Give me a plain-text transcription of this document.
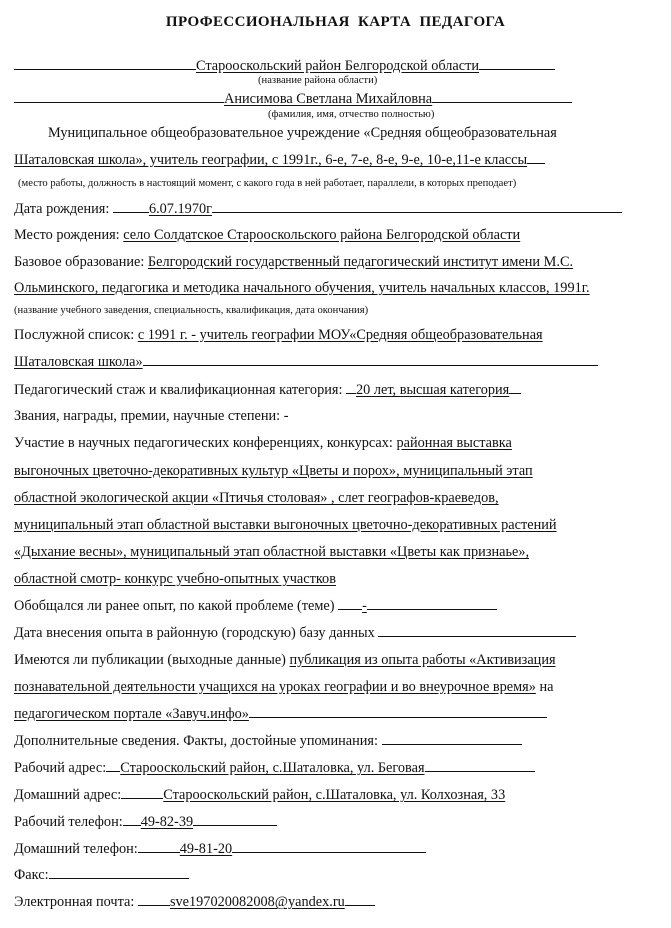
ПРОФЕССИОНАЛЬНАЯ  КАРТА  ПЕДАГОГА
Старооскольский район Белгородской области
(название района области)
Анисимова Светлана Михайловна
(фамилия, имя, отчество полностью)
Муниципальное общеобразовательное учреждение «Средняя общеобразовательная
Шаталовская школа», учитель географии, с 1991г., 6-е, 7-е, 8-е, 9-е, 10-е,11-е классы
(место работы, должность в настоящий момент, с какого года в ней работает, параллели, в которых преподает)
Дата рождения:	6.07.1970г
Место рождения: село Солдатское Старооскольского района Белгородской области
Базовое образование: Белгородский государственный педагогический институт имени М.С.
Ольминского, педагогика и методика начального обучения, учитель начальных классов, 1991г.
(название учебного заведения, специальность, квалификация, дата окончания)
Послужной список: с 1991 г. - учитель географии МОУ«Средняя общеобразовательная
Шаталовская школа»
Педагогический стаж и квалификационная категория: 20 лет, высшая категория
Звания, награды, премии, научные степени: -
Участие в научных педагогических конференциях, конкурсах: районная выставка
выгоночных цветочно-декоративных культур «Цветы и порох», муниципальный этап
областной экологической акции «Птичья столовая» , слет географов-краеведов,
муниципальный этап областной выставки выгоночных цветочно-декоративных растений
«Дыхание весны», муниципальный этап областной выставки «Цветы как признаье»,
областной смотр- конкурс учебно-опытных участков
Обобщался ли ранее опыт, по какой проблеме (теме) -
Дата внесения опыта в районную (городскую) базу данных
Имеются ли публикации (выходные данные) публикация из опыта работы «Активизация
познавательной деятельности учащихся на уроках географии и во внеурочное время» на
педагогическом портале «Завуч.инфо»
Дополнительные сведения. Факты, достойные упоминания:
Рабочий адрес: Старооскольский район, с.Шаталовка, ул. Беговая
Домашний адрес:	Старооскольский район, с.Шаталовка, ул. Колхозная, 33
Рабочий телефон: 49-82-39
Домашний телефон:	49-81-20
Факс:
Электронная почта: sve197020082008@yandex.ru
